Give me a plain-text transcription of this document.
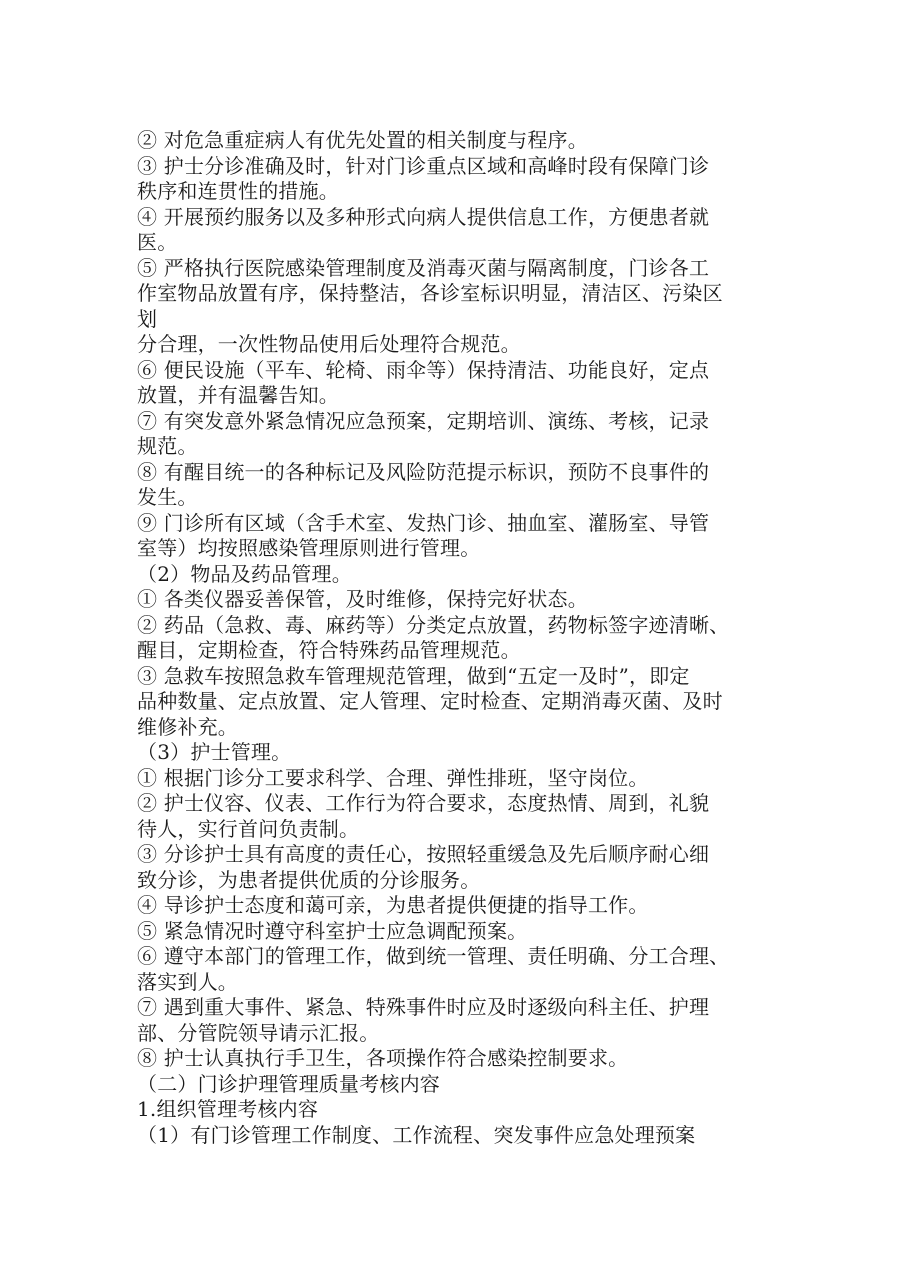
② 对危急重症病人有优先处置的相关制度与程序。
③ 护士分诊准确及时，针对门诊重点区域和高峰时段有保障门诊
秩序和连贯性的措施。
④ 开展预约服务以及多种形式向病人提供信息工作，方便患者就
医。
⑤ 严格执行医院感染管理制度及消毒灭菌与隔离制度，门诊各工
作室物品放置有序，保持整洁，各诊室标识明显，清洁区、污染区
划
分合理，一次性物品使用后处理符合规范。
⑥ 便民设施（平车、轮椅、雨伞等）保持清洁、功能良好，定点
放置，并有温馨告知。
⑦ 有突发意外紧急情况应急预案，定期培训、演练、考核，记录
规范。
⑧ 有醒目统一的各种标记及风险防范提示标识，预防不良事件的
发生。
⑨ 门诊所有区域（含手术室、发热门诊、抽血室、灌肠室、导管
室等）均按照感染管理原则进行管理。
（2）物品及药品管理。
① 各类仪器妥善保管，及时维修，保持完好状态。
② 药品（急救、毒、麻药等）分类定点放置，药物标签字迹清晰、
醒目，定期检查，符合特殊药品管理规范。
③ 急救车按照急救车管理规范管理，做到“五定一及时”，即定
品种数量、定点放置、定人管理、定时检查、定期消毒灭菌、及时
维修补充。
（3）护士管理。
① 根据门诊分工要求科学、合理、弹性排班，坚守岗位。
② 护士仪容、仪表、工作行为符合要求，态度热情、周到，礼貌
待人，实行首问负责制。
③ 分诊护士具有高度的责任心，按照轻重缓急及先后顺序耐心细
致分诊，为患者提供优质的分诊服务。
④ 导诊护士态度和蔼可亲，为患者提供便捷的指导工作。
⑤ 紧急情况时遵守科室护士应急调配预案。
⑥ 遵守本部门的管理工作，做到统一管理、责任明确、分工合理、
落实到人。
⑦ 遇到重大事件、紧急、特殊事件时应及时逐级向科主任、护理
部、分管院领导请示汇报。
⑧ 护士认真执行手卫生，各项操作符合感染控制要求。
（二）门诊护理管理质量考核内容
1.组织管理考核内容
（1）有门诊管理工作制度、工作流程、突发事件应急处理预案
